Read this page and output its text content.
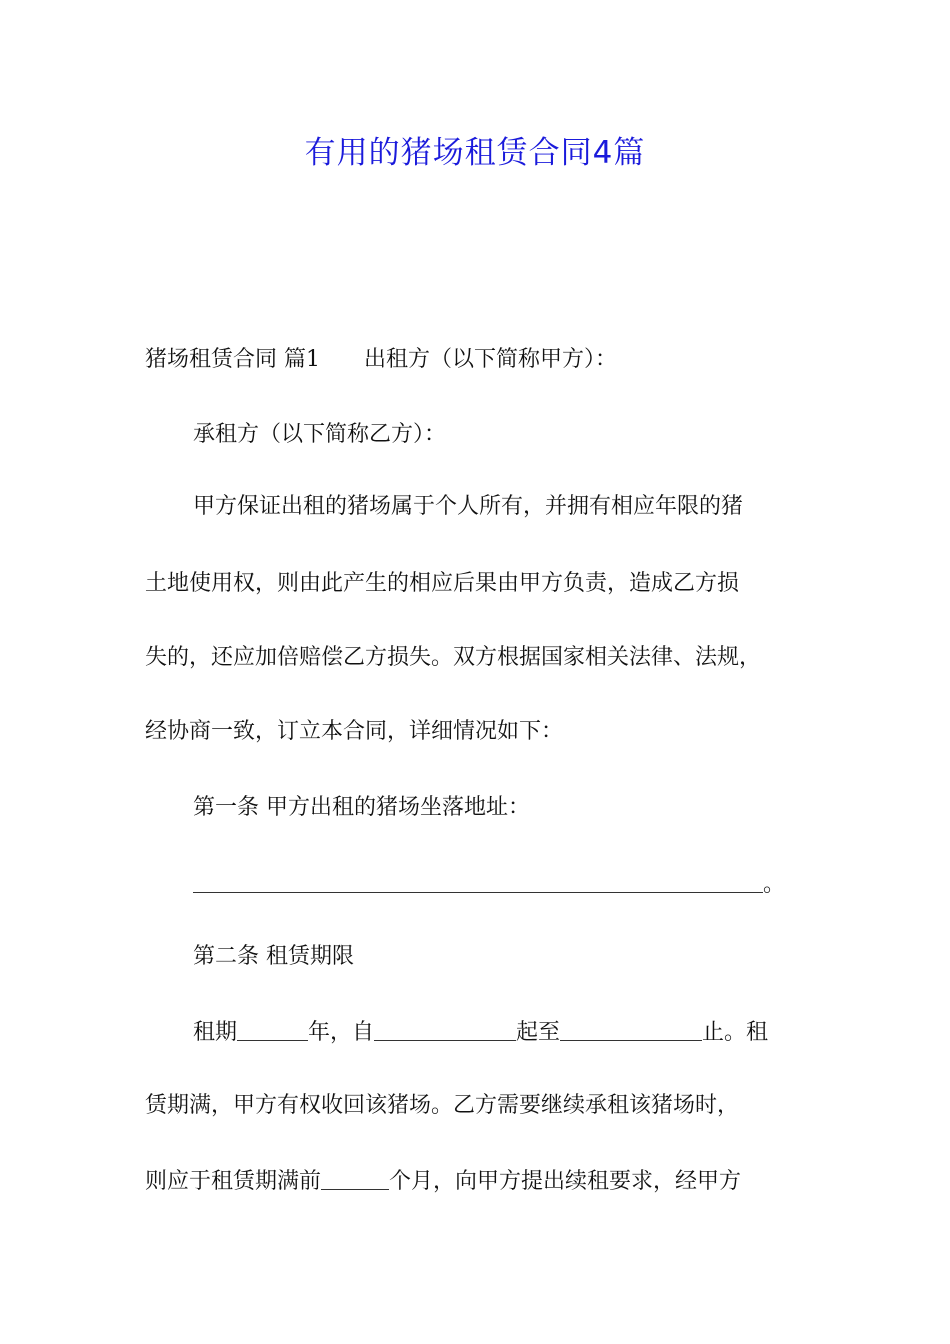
有用的猪场租赁合同4篇
猪场租赁合同 篇1 出租方（以下简称甲方）：
承租方（以下简称乙方）：
甲方保证出租的猪场属于个人所有，并拥有相应年限的猪
土地使用权，则由此产生的相应后果由甲方负责，造成乙方损
失的，还应加倍赔偿乙方损失。双方根据国家相关法律、法规，
经协商一致，订立本合同，详细情况如下：
第一条 甲方出租的猪场坐落地址：
。
第二条 租赁期限
租期	年，自	起至	止。租
赁期满，甲方有权收回该猪场。乙方需要继续承租该猪场时，
则应于租赁期满前	个月，向甲方提出续租要求，经甲方
